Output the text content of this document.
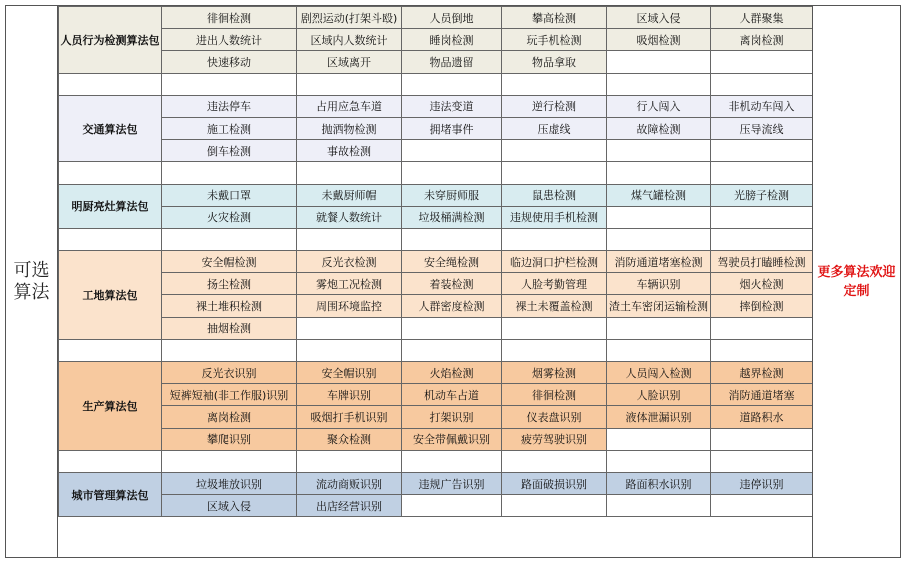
可选算法
人员行为检测算法包	徘徊检测	剧烈运动(打架斗殴)	人员倒地	攀高检测	区域入侵	人群聚集
	进出人数统计	区域内人数统计	睡岗检测	玩手机检测	吸烟检测	离岗检测
	快速移动	区域离开	物品遗留	物品拿取		

交通算法包	违法停车	占用应急车道	违法变道	逆行检测	行人闯入	非机动车闯入
	施工检测	抛洒物检测	拥堵事件	压虚线	故障检测	压导流线
	倒车检测	事故检测				

明厨亮灶算法包	未戴口罩	未戴厨师帽	未穿厨师服	鼠患检测	煤气罐检测	光膀子检测
	火灾检测	就餐人数统计	垃圾桶满检测	违规使用手机检测		

工地算法包	安全帽检测	反光衣检测	安全绳检测	临边洞口护栏检测	消防通道堵塞检测	驾驶员打瞌睡检测
	扬尘检测	雾炮工况检测	着装检测	人脸考勤管理	车辆识别	烟火检测
	裸土堆积检测	周围环境监控	人群密度检测	裸土未覆盖检测	渣土车密闭运输检测	摔倒检测
	抽烟检测					

生产算法包	反光衣识别	安全帽识别	火焰检测	烟雾检测	人员闯入检测	越界检测
	短裤短袖(非工作服)识别	车牌识别	机动车占道	徘徊检测	人脸识别	消防通道堵塞
	离岗检测	吸烟打手机识别	打架识别	仪表盘识别	液体泄漏识别	道路积水
	攀爬识别	聚众检测	安全带佩戴识别	疲劳驾驶识别		

城市管理算法包	垃圾堆放识别	流动商贩识别	违规广告识别	路面破损识别	路面积水识别	违停识别
	区域入侵	出店经营识别				
更多算法欢迎定制
